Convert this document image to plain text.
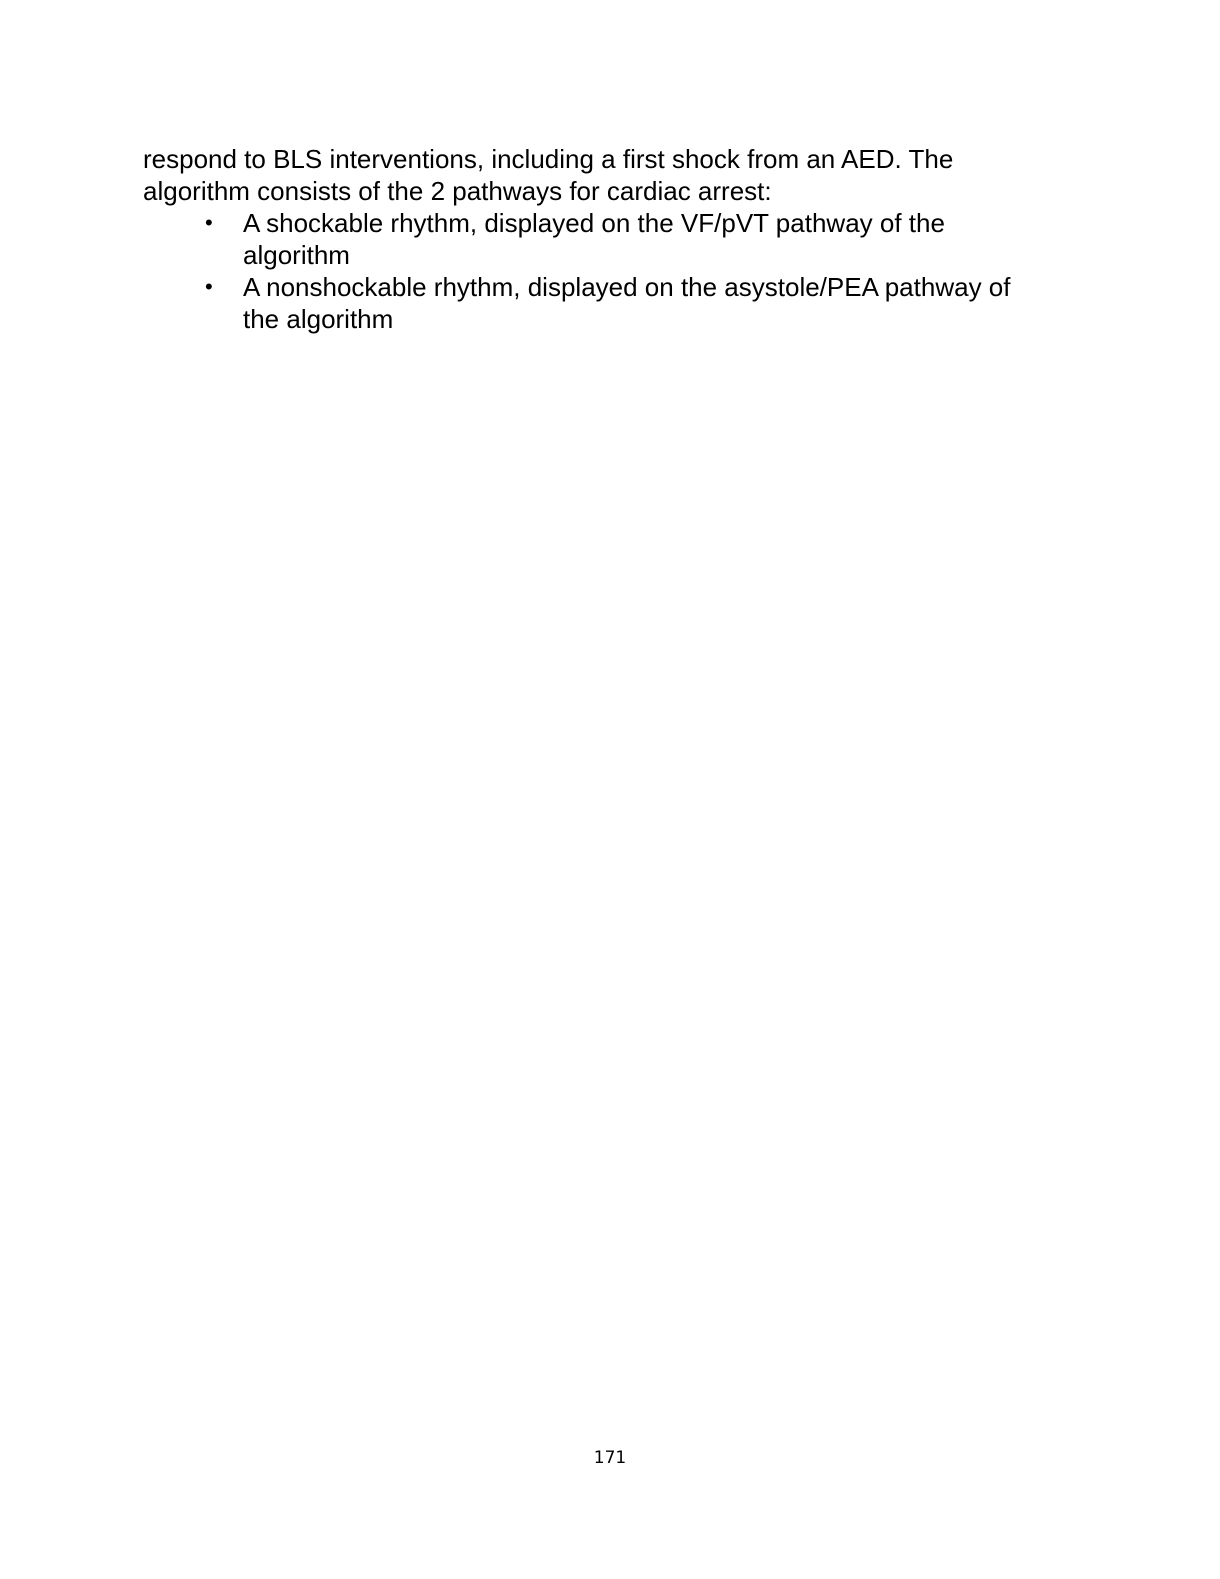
respond to BLS interventions, including a first shock from an AED. The
algorithm consists of the 2 pathways for cardiac arrest:

• A shockable rhythm, displayed on the VF/pVT pathway of the
algorithm
• A nonshockable rhythm, displayed on the asystole/PEA pathway of
the algorithm
171
